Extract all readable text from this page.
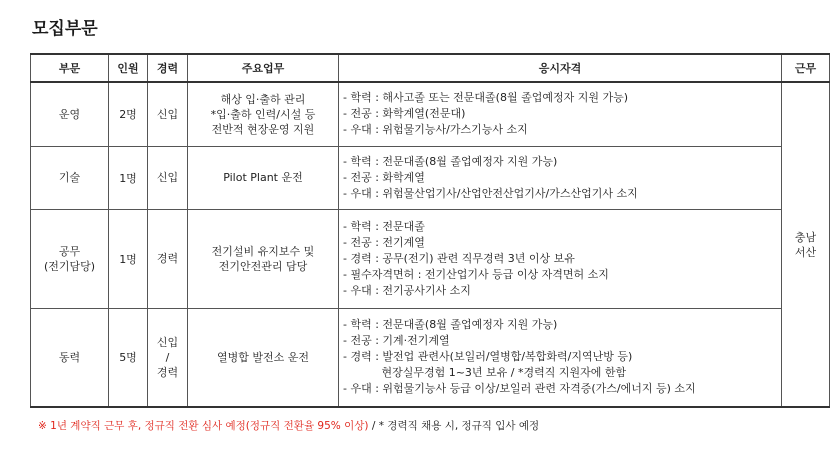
모집부문
부문	인원	경력	주요업무	응시자격	근무

운영	2명	신입	해상 입·출하 관리
*입·출하 인력/시설 등
전반적 현장운영 지원	- 학력 : 해사고졸 또는 전문대졸(8월 졸업예정자 지원 가능)
- 전공 : 화학계열(전문대)
- 우대 : 위험물기능사/가스기능사 소지	충남
서산

기술	1명	신입	Pilot Plant 운전	- 학력 : 전문대졸(8월 졸업예정자 지원 가능)
- 전공 : 화학계열
- 우대 : 위험물산업기사/산업안전산업기사/가스산업기사 소지	

공무
(전기담당)	1명	경력	전기설비 유지보수 및
전기안전관리 담당	- 학력 : 전문대졸
- 전공 : 전기계열
- 경력 : 공무(전기) 관련 직무경력 3년 이상 보유
- 필수자격면허 : 전기산업기사 등급 이상 자격면허 소지
- 우대 : 전기공사기사 소지	

동력	5명	신입
/
경력	열병합 발전소 운전	- 학력 : 전문대졸(8월 졸업예정자 지원 가능)
- 전공 : 기계·전기계열
- 경력 : 발전업 관련사(보일러/열병합/복합화력/지역난방 등)
현장실무경험 1~3년 보유 / *경력직 지원자에 한함
- 우대 : 위험물기능사 등급 이상/보일러 관련 자격증(가스/에너지 등) 소지	
※ 1년 계약직 근무 후, 정규직 전환 심사 예정(정규직 전환율 95% 이상) / * 경력직 채용 시, 정규직 입사 예정
